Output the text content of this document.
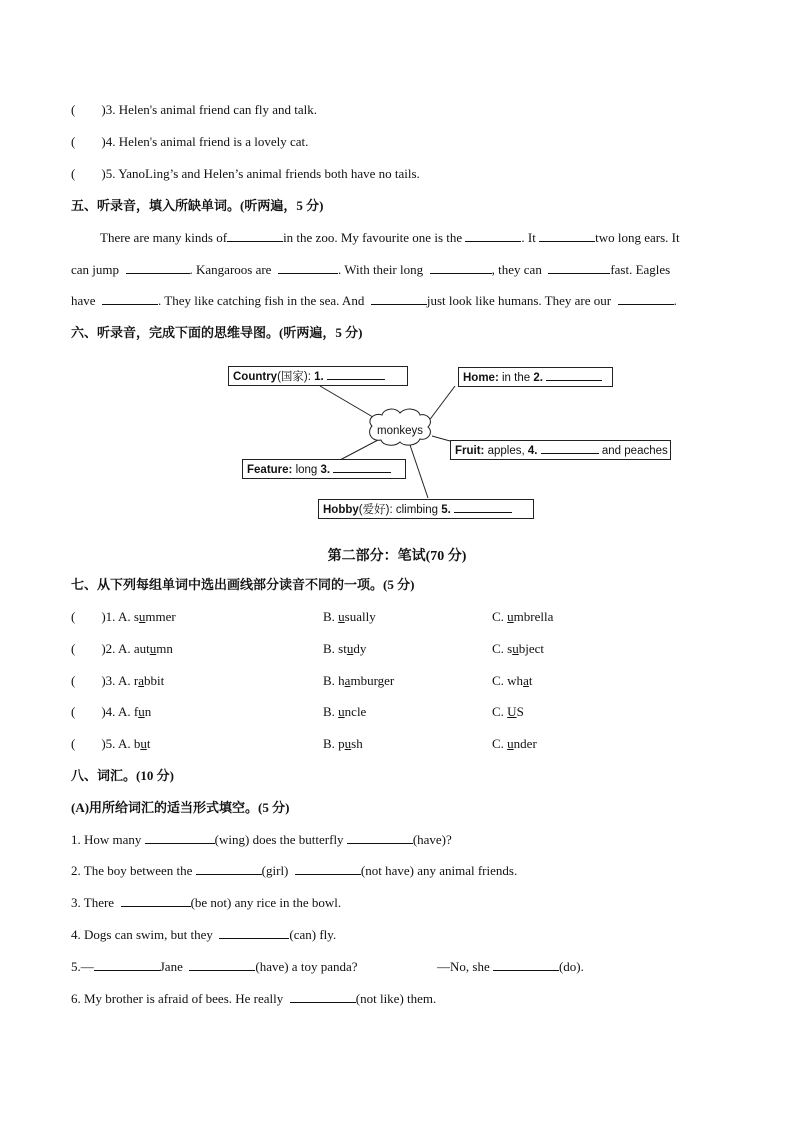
( )3. Helen's animal friend can fly and talk.
( )4. Helen's animal friend is a lovely cat.
( )5. YanoLing’s and Helen’s animal friends both have no tails.
五、听录音，填入所缺单词。(听两遍，5 分)
There are many kinds of	in the zoo. My favourite one is the	. It	two long ears. It
can jump	. Kangaroos are	. With their long	, they can	fast. Eagles
have	. They like catching fish in the sea. And	just look like humans. They are our	.
六、听录音，完成下面的思维导图。(听两遍，5 分)
monkeys
Country(国家): 1.	Home: in the 2.
Fruit: apples, 4.	and peaches
Feature: long 3.
Hobby(爱好): climbing 5.
第二部分：笔试(70 分)
七、从下列每组单词中选出画线部分读音不同的一项。(5 分)
( )1. A. summer	B. usually	C. umbrella
( )2. A. autumn	B. study	C. subject
( )3. A. rabbit	B. hamburger	C. what
( )4. A. fun	B. uncle	C. US
( )5. A. but	B. push	C. under
八、词汇。(10 分)
(A)用所给词汇的适当形式填空。(5 分)
1. How many	(wing) does the butterfly	(have)?
2. The boy between the	(girl)	(not have) any animal friends.
3. There	(be not) any rice in the bowl.
4. Dogs can swim, but they	(can) fly.
5.—	Jane	(have) a toy panda?	—No, she	(do).
6. My brother is afraid of bees. He really	(not like) them.
